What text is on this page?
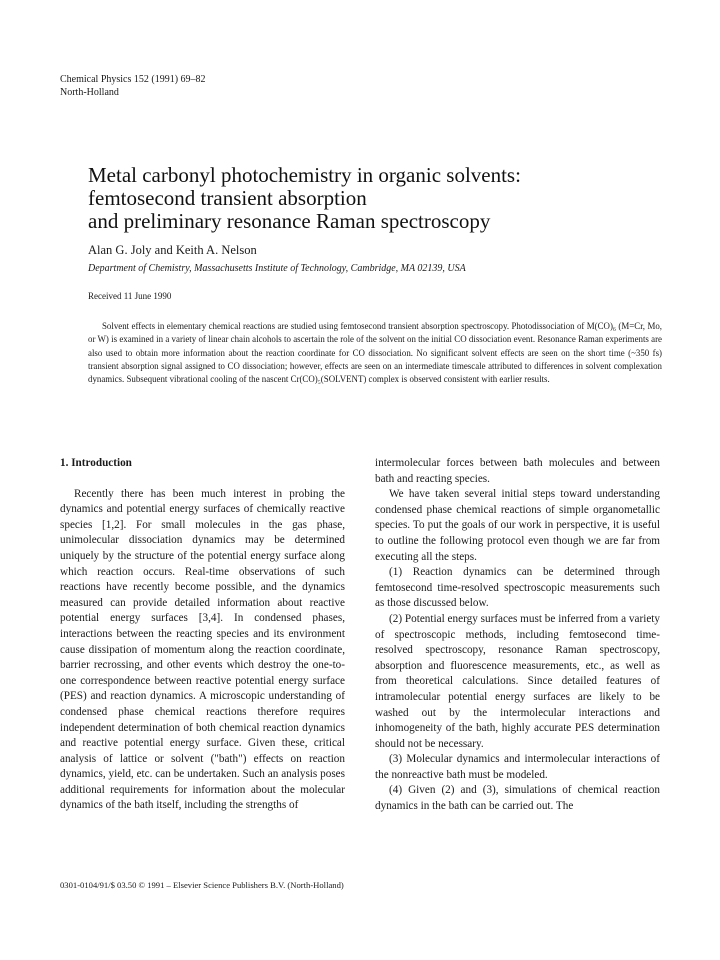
Chemical Physics 152 (1991) 69–82
North-Holland
Metal carbonyl photochemistry in organic solvents:
femtosecond transient absorption
and preliminary resonance Raman spectroscopy
Alan G. Joly and Keith A. Nelson
Department of Chemistry, Massachusetts Institute of Technology, Cambridge, MA 02139, USA
Received 11 June 1990

Solvent effects in elementary chemical reactions are studied using femtosecond transient absorption spectroscopy. Photodissociation of M(CO)₆ (M=Cr, Mo, or W) is examined in a variety of linear chain alcohols to ascertain the role of the solvent on the initial CO dissociation event. Resonance Raman experiments are also used to obtain more information about the reaction coordinate for CO dissociation. No significant solvent effects are seen on the short time (~350 fs) transient absorption signal assigned to CO dissociation; however, effects are seen on an intermediate timescale attributed to differences in solvent complexation dynamics. Subsequent vibrational cooling of the nascent Cr(CO)₅(SOLVENT) complex is observed consistent with earlier results.

1. Introduction

Recently there has been much interest in probing the dynamics and potential energy surfaces of chemically reactive species [1,2]. For small molecules in the gas phase, unimolecular dissociation dynamics may be determined uniquely by the structure of the potential energy surface along which reaction occurs. Real-time observations of such reactions have recently become possible, and the dynamics measured can provide detailed information about reactive potential energy surfaces [3,4]. In condensed phases, interactions between the reacting species and its environment cause dissipation of momentum along the reaction coordinate, barrier recrossing, and other events which destroy the one-to-one correspondence between reactive potential energy surface (PES) and reaction dynamics. A microscopic understanding of condensed phase chemical reactions therefore requires independent determination of both chemical reaction dynamics and reactive potential energy surface. Given these, critical analysis of lattice or solvent ("bath") effects on reaction dynamics, yield, etc. can be undertaken. Such an analysis poses additional requirements for information about the molecular dynamics of the bath itself, including the strengths of

intermolecular forces between bath molecules and between bath and reacting species.

We have taken several initial steps toward understanding condensed phase chemical reactions of simple organometallic species. To put the goals of our work in perspective, it is useful to outline the following protocol even though we are far from executing all the steps.

(1) Reaction dynamics can be determined through femtosecond time-resolved spectroscopic measurements such as those discussed below.

(2) Potential energy surfaces must be inferred from a variety of spectroscopic methods, including femtosecond time-resolved spectroscopy, resonance Raman spectroscopy, absorption and fluorescence measurements, etc., as well as from theoretical calculations. Since detailed features of intramolecular potential energy surfaces are likely to be washed out by the intermolecular interactions and inhomogeneity of the bath, highly accurate PES determination should not be necessary.

(3) Molecular dynamics and intermolecular interactions of the nonreactive bath must be modeled.

(4) Given (2) and (3), simulations of chemical reaction dynamics in the bath can be carried out. The

0301-0104/91/$ 03.50 © 1991 – Elsevier Science Publishers B.V. (North-Holland)
